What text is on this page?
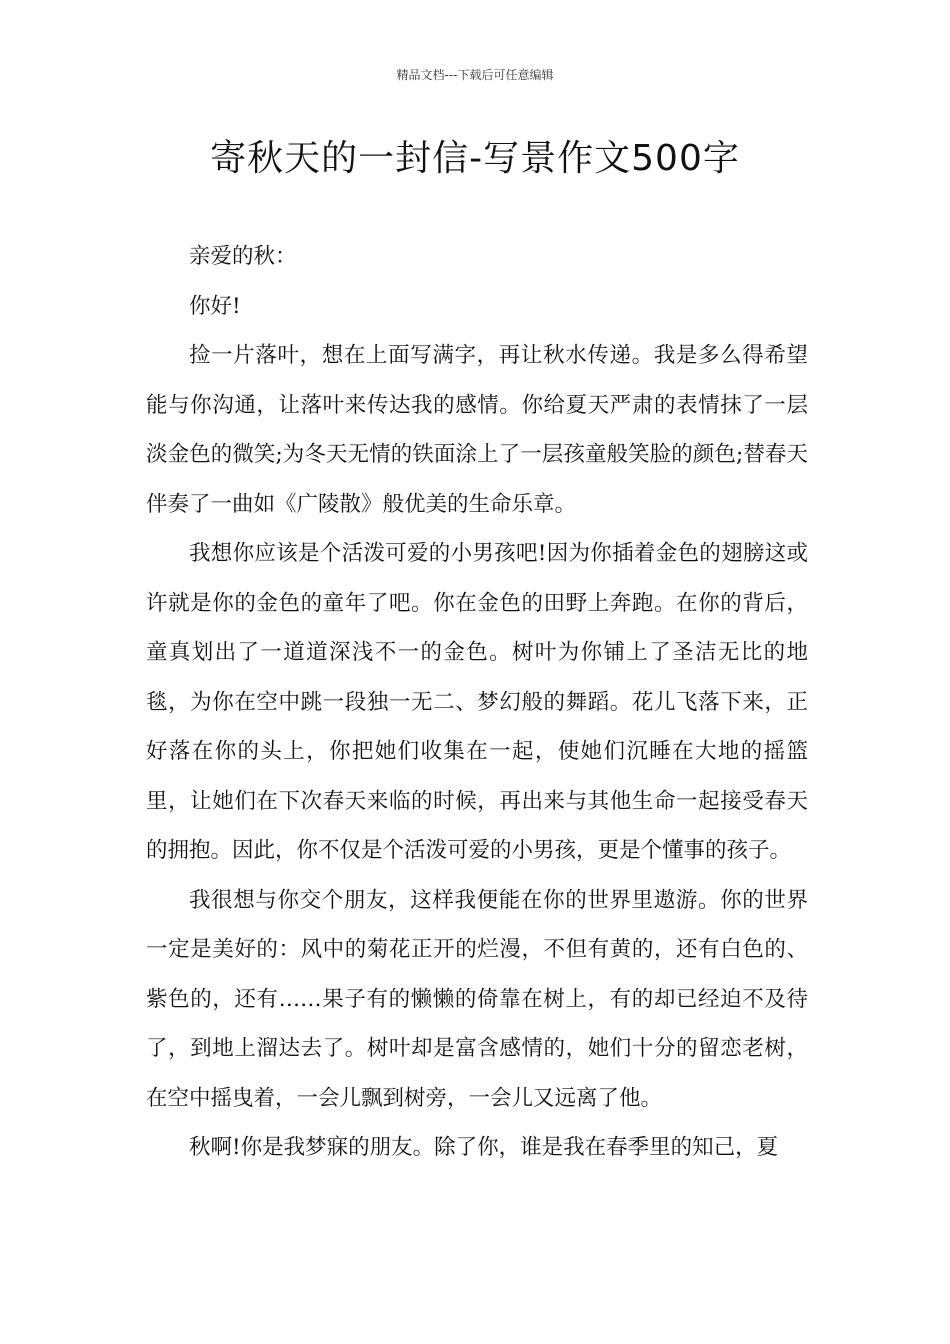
精品文档---下载后可任意编辑
寄秋天的一封信-写景作文500字

亲爱的秋：

你好!

捡一片落叶，想在上面写满字，再让秋水传递。我是多么得希望能与你沟通，让落叶来传达我的感情。你给夏天严肃的表情抹了一层淡金色的微笑;为冬天无情的铁面涂上了一层孩童般笑脸的颜色;替春天伴奏了一曲如《广陵散》般优美的生命乐章。

我想你应该是个活泼可爱的小男孩吧!因为你插着金色的翅膀这或许就是你的金色的童年了吧。你在金色的田野上奔跑。在你的背后，童真划出了一道道深浅不一的金色。树叶为你铺上了圣洁无比的地毯，为你在空中跳一段独一无二、梦幻般的舞蹈。花儿飞落下来，正好落在你的头上，你把她们收集在一起，使她们沉睡在大地的摇篮里，让她们在下次春天来临的时候，再出来与其他生命一起接受春天的拥抱。因此，你不仅是个活泼可爱的小男孩，更是个懂事的孩子。

我很想与你交个朋友，这样我便能在你的世界里遨游。你的世界一定是美好的：风中的菊花正开的烂漫，不但有黄的，还有白色的、紫色的，还有……果子有的懒懒的倚靠在树上，有的却已经迫不及待了，到地上溜达去了。树叶却是富含感情的，她们十分的留恋老树，在空中摇曳着，一会儿飘到树旁，一会儿又远离了他。

秋啊!你是我梦寐的朋友。除了你，谁是我在春季里的知己，夏
